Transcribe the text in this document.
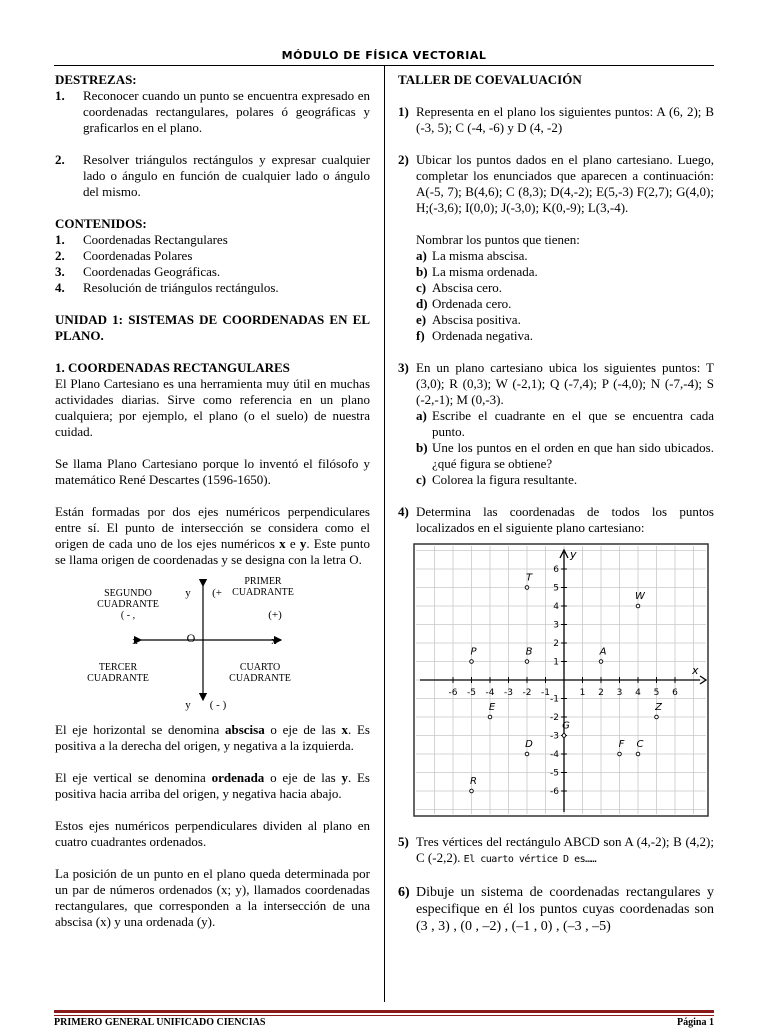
MÓDULO DE FÍSICA VECTORIAL
DESTREZAS:
1.	Reconocer cuando un punto se encuentra expresado en coordenadas rectangulares, polares ó geográficas y graficarlos en el plano.
2.	Resolver triángulos rectángulos y expresar cualquier lado o ángulo en función de cualquier lado o ángulo del mismo.
CONTENIDOS:
1.	Coordenadas Rectangulares
2.	Coordenadas Polares
3.	Coordenadas Geográficas.
4.	Resolución de triángulos rectángulos.

UNIDAD 1: SISTEMAS DE COORDENADAS EN EL PLANO.

1. COORDENADAS RECTANGULARES

El Plano Cartesiano es una herramienta muy útil en muchas actividades diarias. Sirve como referencia en un plano cualquiera; por ejemplo, el plano (o el suelo) de nuestra cuidad.

Se llama Plano Cartesiano porque lo inventó el filósofo y matemático René Descartes (1596-1650).

Están formadas por dos ejes numéricos perpendiculares entre sí. El punto de intersección se considera como el origen de cada uno de los ejes numéricos x e y. Este punto se llama origen de coordenadas y se designa con la letra O.

PRIMER
CUADRANTE
SEGUNDO
CUADRANTE
( - ,
y	(+
(+)
x	O	x
TERCER
CUADRANTE
CUARTO
CUADRANTE
y	( - )

El eje horizontal se denomina abscisa o eje de las x. Es positiva a la derecha del origen, y negativa a la izquierda.

El eje vertical se denomina ordenada o eje de las y. Es positiva hacia arriba del origen, y negativa hacia abajo.

Estos ejes numéricos perpendiculares dividen al plano en cuatro cuadrantes ordenados.

La posición de un punto en el plano queda determinada por un par de números ordenados (x; y), llamados coordenadas rectangulares, que corresponden a la intersección de una abscisa (x) y una ordenada (y).

TALLER DE COEVALUACIÓN
1) Representa en el plano los siguientes puntos: A (6, 2); B (-3, 5); C (-4, -6) y D (4, -2)
2) Ubicar los puntos dados en el plano cartesiano. Luego, completar los enunciados que aparecen a continuación: A(-5, 7); B(4,6); C (8,3); D(4,-2); E(5,-3) F(2,7); G(4,0); H;(-3,6); I(0,0); J(-3,0); K(0,-9); L(3,-4).
Nombrar los puntos que tienen:
a) La misma abscisa.
b) La misma ordenada.
c) Abscisa cero.
d) Ordenada cero.
e) Abscisa positiva.
f) Ordenada negativa.
3) En un plano cartesiano ubica los siguientes puntos: T (3,0); R (0,3); W (-2,1); Q (-7,4); P (-4,0); N (-7,-4); S (-2,-1); M (0,-3).
a) Escribe el cuadrante en el que se encuentra cada punto.
b) Une los puntos en el orden en que han sido ubicados. ¿qué figura se obtiene?
c) Colorea la figura resultante.
4) Determina las coordenadas de todos los puntos localizados en el siguiente plano cartesiano:
x
y
-6 -5 -4 -3 -2 -1	1 2 3 4 5 6
-6
-5
-4
-3
-2
-1
1
2
3
4
5
6
T
W
P	B	A
E	Z
G
D	F C
R
5) Tres vértices del rectángulo ABCD son A (4,-2); B (4,2); C (-2,2). El cuarto vértice D es……
6) Dibuje un sistema de coordenadas rectangulares y especifique en él los puntos cuyas coordenadas son (3 , 3) , (0 , –2) , (–1 , 0) , (–3 , –5)
PRIMERO GENERAL UNIFICADO CIENCIAS	Página 1
